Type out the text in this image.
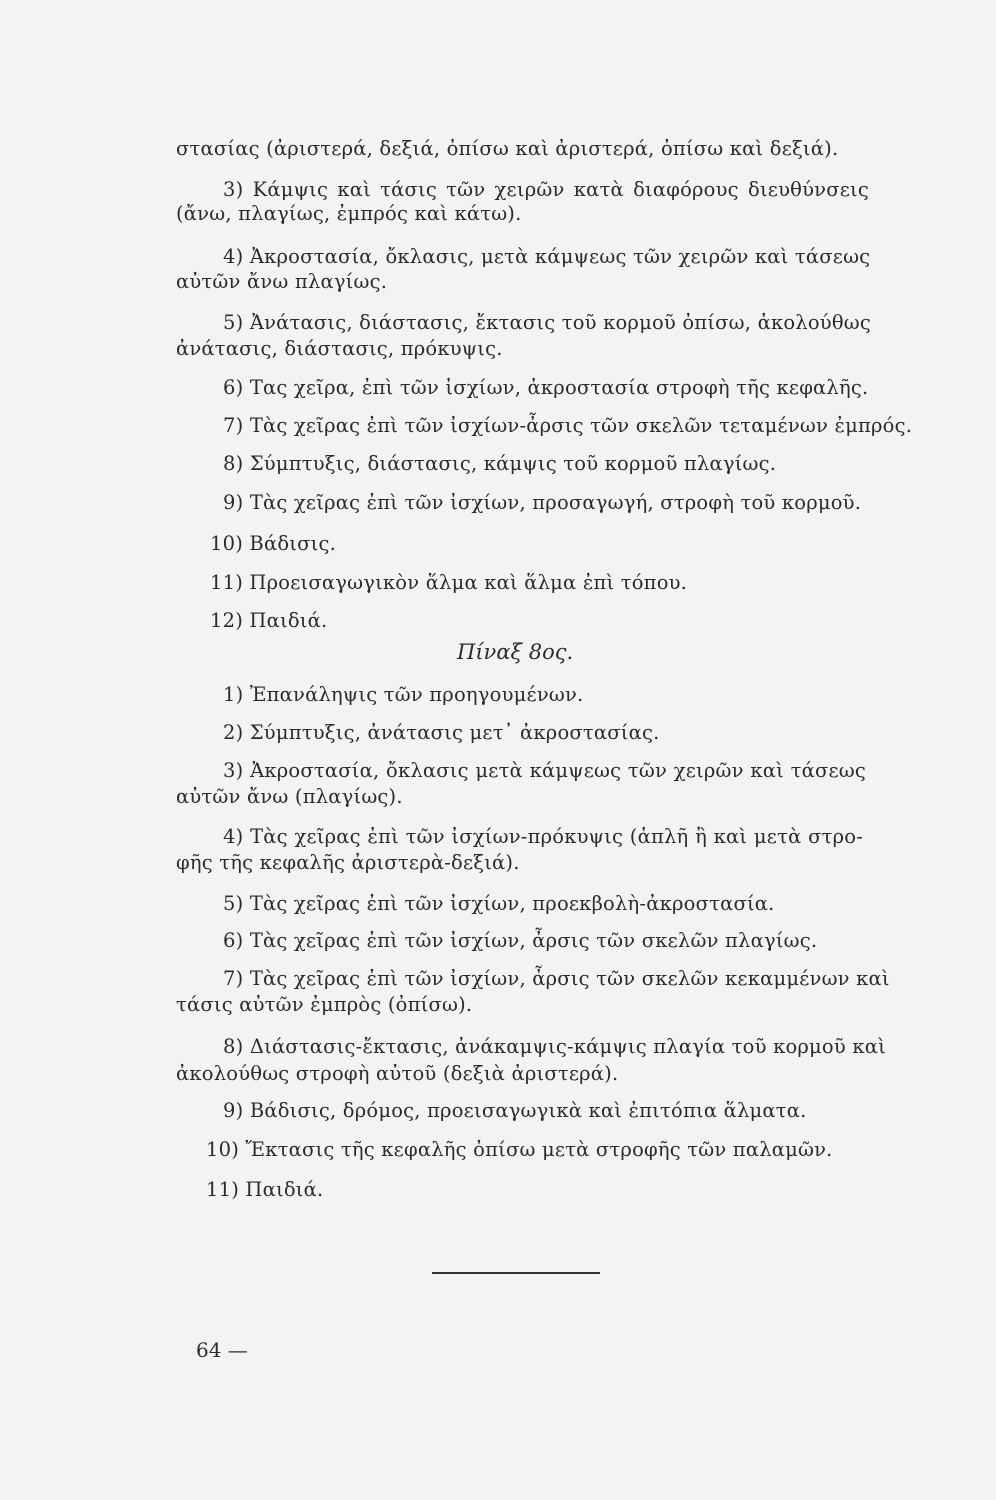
στασίας (ἀριστερά, δεξιά, ὀπίσω καὶ ἀριστερά, ὀπίσω καὶ δεξιά).
3) Κάμψις καὶ τάσις τῶν χειρῶν κατὰ διαφόρους διευθύνσεις
(ἄνω, πλαγίως, ἐμπρός καὶ κάτω).
4) Ἀκροστασία, ὄκλασις, μετὰ κάμψεως τῶν χειρῶν καὶ τάσεως
αὐτῶν ἄνω πλαγίως.
5) Ἀνάτασις, διάστασις, ἔκτασις τοῦ κορμοῦ ὀπίσω, ἀκολούθως
ἀνάτασις, διάστασις, πρόκυψις.
6) Τας χεῖρα, ἐπὶ τῶν ἰσχίων, ἀκροστασία στροφὴ τῆς κεφαλῆς.
7) Τὰς χεῖρας ἐπὶ τῶν ἰσχίων-ἆρσις τῶν σκελῶν τεταμένων ἐμπρός.
8) Σύμπτυξις, διάστασις, κάμψις τοῦ κορμοῦ πλαγίως.
9) Τὰς χεῖρας ἐπὶ τῶν ἰσχίων, προσαγωγή, στροφὴ τοῦ κορμοῦ.
10) Βάδισις.
11) Προεισαγωγικὸν ἅλμα καὶ ἅλμα ἐπὶ τόπου.
12) Παιδιά.
Πίναξ 8ος.
1) Ἐπανάληψις τῶν προηγουμένων.
2) Σύμπτυξις, ἀνάτασις μετ᾽ ἀκροστασίας.
3) Ἀκροστασία, ὄκλασις μετὰ κάμψεως τῶν χειρῶν καὶ τάσεως
αὐτῶν ἄνω (πλαγίως).
4) Τὰς χεῖρας ἐπὶ τῶν ἰσχίων-πρόκυψις (ἁπλῆ ἢ καὶ μετὰ στρο-
φῆς τῆς κεφαλῆς ἀριστερὰ-δεξιά).
5) Τὰς χεῖρας ἐπὶ τῶν ἰσχίων, προεκβολὴ-ἀκροστασία.
6) Τὰς χεῖρας ἐπὶ τῶν ἰσχίων, ἆρσις τῶν σκελῶν πλαγίως.
7) Τὰς χεῖρας ἐπὶ τῶν ἰσχίων, ἆρσις τῶν σκελῶν κεκαμμένων καὶ
τάσις αὐτῶν ἐμπρὸς (ὀπίσω).
8) Διάστασις-ἔκτασις, ἀνάκαμψις-κάμψις πλαγία τοῦ κορμοῦ καὶ
ἀκολούθως στροφὴ αὐτοῦ (δεξιὰ ἀριστερά).
9) Βάδισις, δρόμος, προεισαγωγικὰ καὶ ἐπιτόπια ἅλματα.
10) Ἔκτασις τῆς κεφαλῆς ὀπίσω μετὰ στροφῆς τῶν παλαμῶν.
11) Παιδιά.
64 —
